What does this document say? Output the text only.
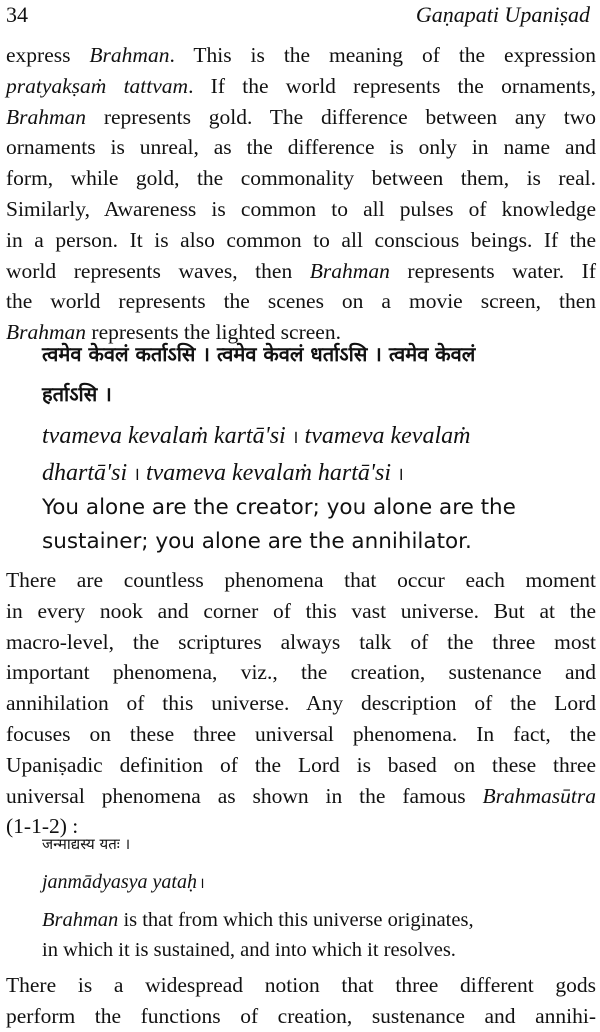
34	Gaṇapati Upaniṣad
express Brahman. This is the meaning of the expression
pratyakṣaṁ tattvam. If the world represents the ornaments,
Brahman represents gold. The difference between any two
ornaments is unreal, as the difference is only in name and
form, while gold, the commonality between them, is real.
Similarly, Awareness is common to all pulses of knowledge
in a person. It is also common to all conscious beings. If the
world represents waves, then Brahman represents water. If
the world represents the scenes on a movie screen, then
Brahman represents the lighted screen.
त्वमेव केवलं कर्ताऽसि । त्वमेव केवलं धर्ताऽसि । त्वमेव केवलं
हर्ताऽसि ।
tvameva kevalaṁ kartā'si । tvameva kevalaṁ
dhartā'si । tvameva kevalaṁ hartā'si ।
You alone are the creator; you alone are the
sustainer; you alone are the annihilator.
There are countless phenomena that occur each moment
in every nook and corner of this vast universe. But at the
macro-level, the scriptures always talk of the three most
important phenomena, viz., the creation, sustenance and
annihilation of this universe. Any description of the Lord
focuses on these three universal phenomena. In fact, the
Upaniṣadic definition of the Lord is based on these three
universal phenomena as shown in the famous Brahmasūtra
(1-1-2) :
जन्माद्यस्य यतः ।
janmādyasya yataḥ ।
Brahman is that from which this universe originates,
in which it is sustained, and into which it resolves.
There is a widespread notion that three different gods
perform the functions of creation, sustenance and annihi-
